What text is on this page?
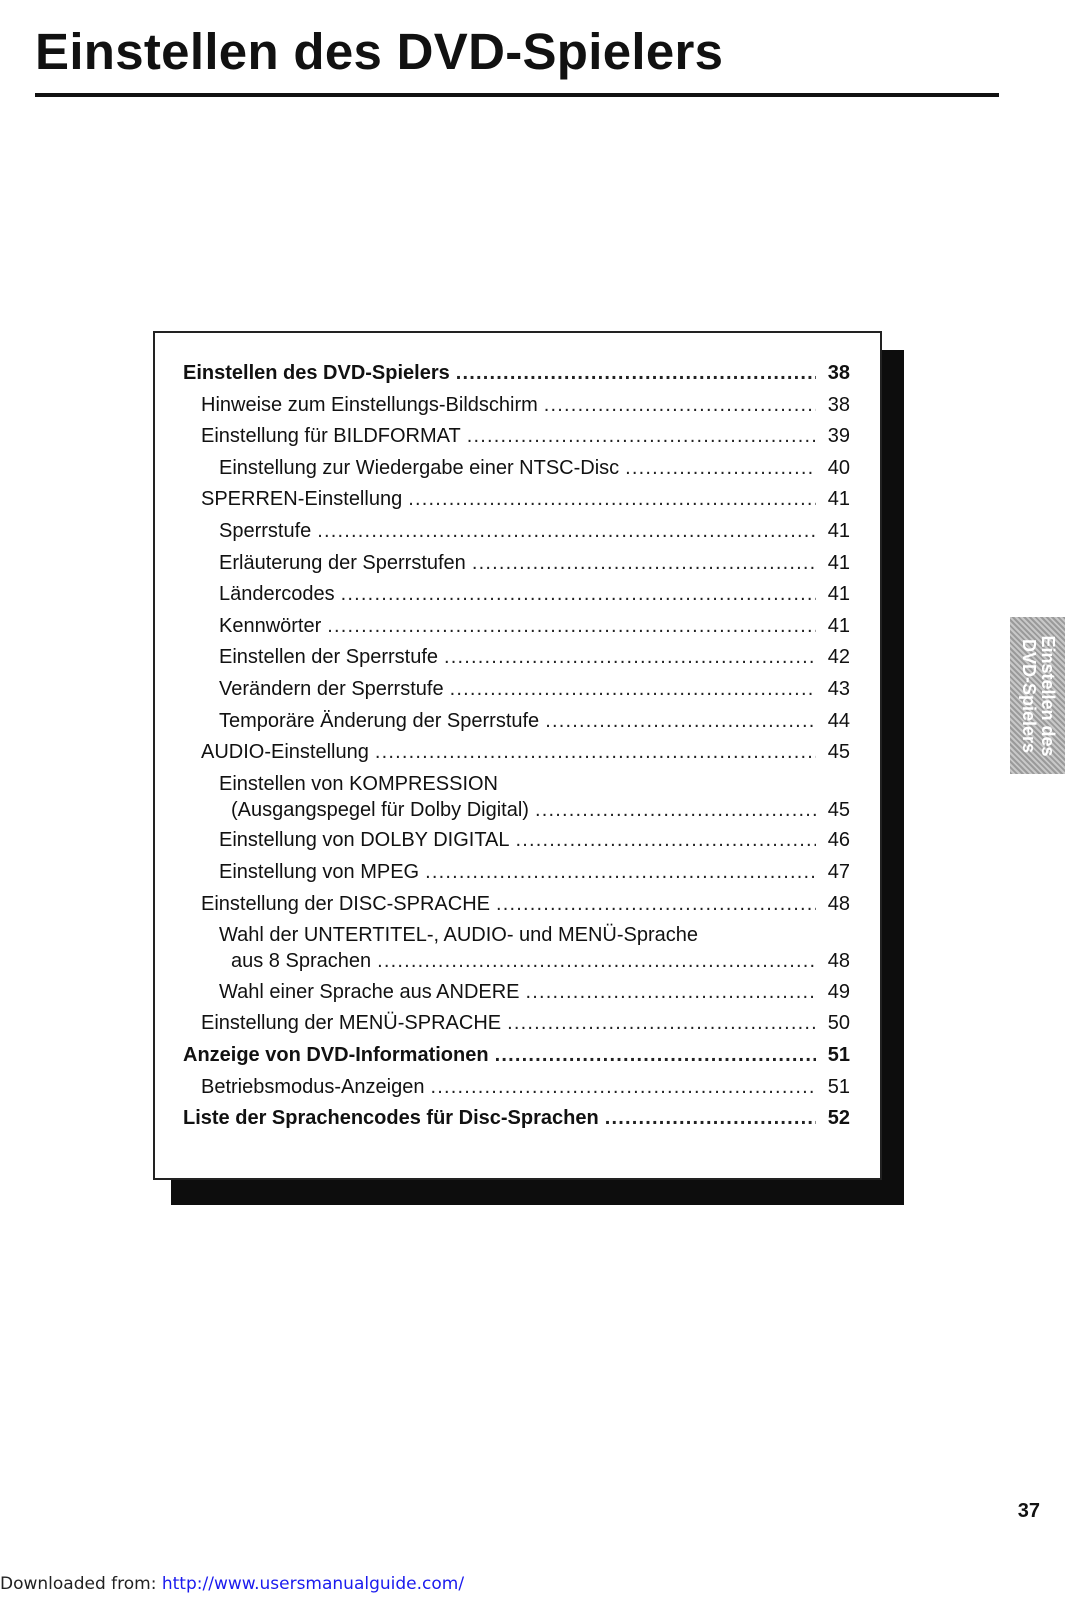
Einstellen des DVD-Spielers
Einstellen des DVD-Spielers .....	38
Hinweise zum Einstellungs-Bildschirm .....	38
Einstellung für BILDFORMAT .....	39
Einstellung zur Wiedergabe einer NTSC-Disc .....	40
SPERREN-Einstellung .....	41
Sperrstufe .....	41
Erläuterung der Sperrstufen .....	41
Ländercodes .....	41
Kennwörter .....	41
Einstellen der Sperrstufe .....	42
Verändern der Sperrstufe .....	43
Temporäre Änderung der Sperrstufe .....	44
AUDIO-Einstellung .....	45
Einstellen von KOMPRESSION
(Ausgangspegel für Dolby Digital) .....	45
Einstellung von DOLBY DIGITAL .....	46
Einstellung von MPEG .....	47
Einstellung der DISC-SPRACHE .....	48
Wahl der UNTERTITEL-, AUDIO- und MENÜ-Sprache
aus 8 Sprachen .....	48
Wahl einer Sprache aus ANDERE .....	49
Einstellung der MENÜ-SPRACHE .....	50
Anzeige von DVD-Informationen .....	51
Betriebsmodus-Anzeigen .....	51
Liste der Sprachencodes für Disc-Sprachen .....	52
Einstellen des
DVD-Spielers
37
Downloaded from: http://www.usersmanualguide.com/
